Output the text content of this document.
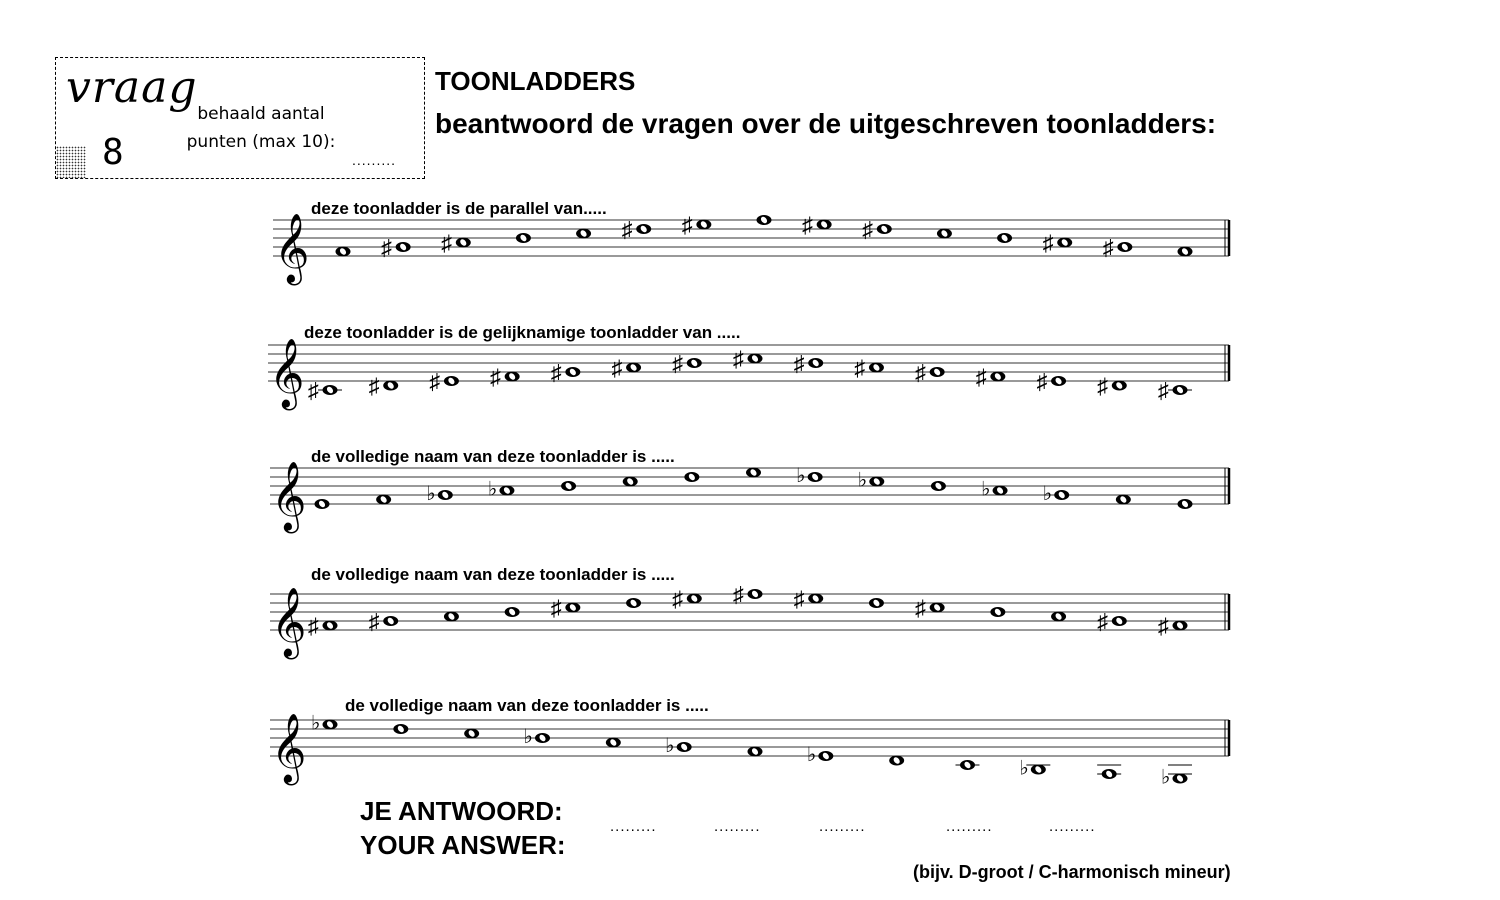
vraag
8
behaald aantal punten (max 10):
.........
TOONLADDERS
beantwoord de vragen over de uitgeschreven toonladders:
𝄞
deze toonladder is de parallel van.....
♯ ♯
♯ ♯	♯ ♯
♯ ♯
𝄞
deze toonladder is de gelijknamige toonladder van .....
♯ ♯ ♯ ♯ ♯ ♯ ♯ ♯ ♯ ♯ ♯ ♯ ♯ ♯ ♯
𝄞
de volledige naam van deze toonladder is .....
♭	♭
♭	♭	♭	♭
𝄞
de volledige naam van deze toonladder is .....
♯ ♯
♯	♯ ♯ ♯	♯
♯ ♯
𝄞
de volledige naam van deze toonladder is .....
♭
♭	♭	♭
♭	♭
JE ANTWOORD:
YOUR ANSWER:
.........	.........	.........	.........	.........
(bijv. D-groot / C-harmonisch mineur)
